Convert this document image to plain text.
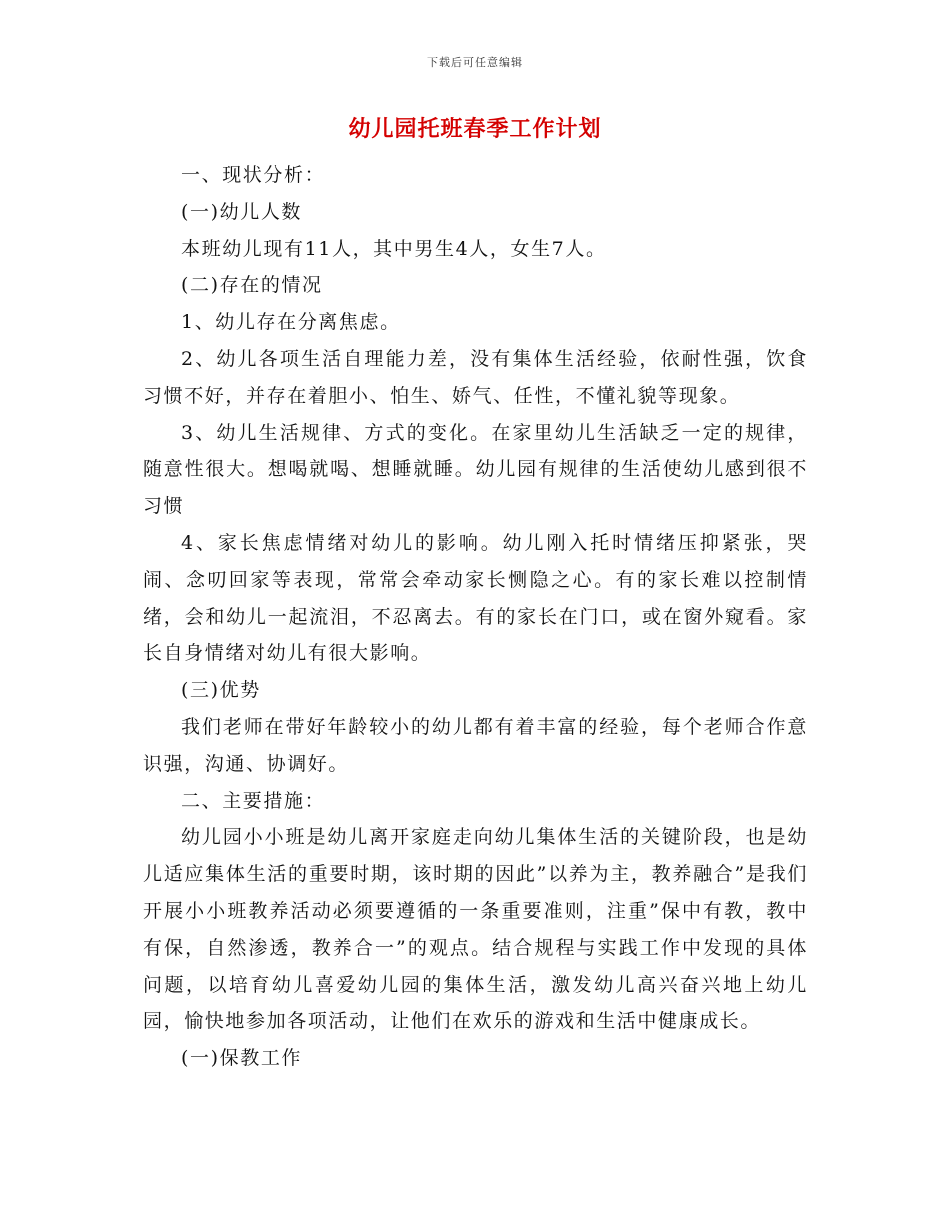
下载后可任意编辑
幼儿园托班春季工作计划

一、现状分析：

(一)幼儿人数

本班幼儿现有11人，其中男生4人，女生7人。

(二)存在的情况

1、幼儿存在分离焦虑。

2、幼儿各项生活自理能力差，没有集体生活经验，依耐性强，饮食习惯不好，并存在着胆小、怕生、娇气、任性，不懂礼貌等现象。

3、幼儿生活规律、方式的变化。在家里幼儿生活缺乏一定的规律，随意性很大。想喝就喝、想睡就睡。幼儿园有规律的生活使幼儿感到很不习惯

4、家长焦虑情绪对幼儿的影响。幼儿刚入托时情绪压抑紧张，哭闹、念叨回家等表现，常常会牵动家长恻隐之心。有的家长难以控制情绪，会和幼儿一起流泪，不忍离去。有的家长在门口，或在窗外窥看。家长自身情绪对幼儿有很大影响。

(三)优势

我们老师在带好年龄较小的幼儿都有着丰富的经验，每个老师合作意识强，沟通、协调好。

二、主要措施：

幼儿园小小班是幼儿离开家庭走向幼儿集体生活的关键阶段，也是幼儿适应集体生活的重要时期，该时期的因此”以养为主，教养融合”是我们开展小小班教养活动必须要遵循的一条重要准则，注重”保中有教，教中有保，自然渗透，教养合一”的观点。结合规程与实践工作中发现的具体问题，以培育幼儿喜爱幼儿园的集体生活，激发幼儿高兴奋兴地上幼儿园，愉快地参加各项活动，让他们在欢乐的游戏和生活中健康成长。

(一)保教工作
